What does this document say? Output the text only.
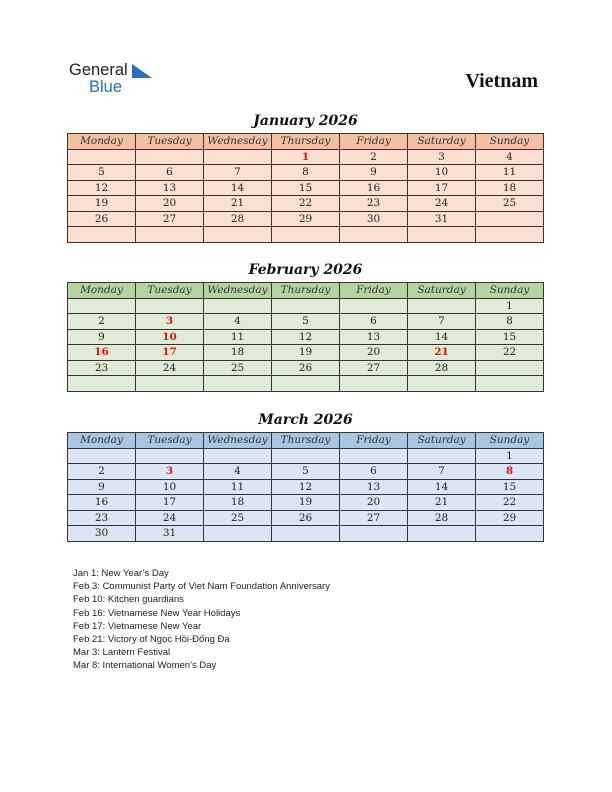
General
Blue	Vietnam
January 2026
Monday	Tuesday	Wednesday	Thursday	Friday	Saturday	Sunday
			1	2	3	4
5	6	7	8	9	10	11
12	13	14	15	16	17	18
19	20	21	22	23	24	25
26	27	28	29	30	31	

February 2026
Monday	Tuesday	Wednesday	Thursday	Friday	Saturday	Sunday
						1
2	3	4	5	6	7	8
9	10	11	12	13	14	15
16	17	18	19	20	21	22
23	24	25	26	27	28	

March 2026
Monday	Tuesday	Wednesday	Thursday	Friday	Saturday	Sunday
						1
2	3	4	5	6	7	8
9	10	11	12	13	14	15
16	17	18	19	20	21	22
23	24	25	26	27	28	29
30	31					
Jan 1: New Year’s Day
Feb 3: Communist Party of Viet Nam Foundation Anniversary
Feb 10: Kitchen guardians
Feb 16: Vietnamese New Year Holidays
Feb 17: Vietnamese New Year
Feb 21: Victory of Ngọc Hồi-Đống Đa
Mar 3: Lantern Festival
Mar 8: International Women’s Day
